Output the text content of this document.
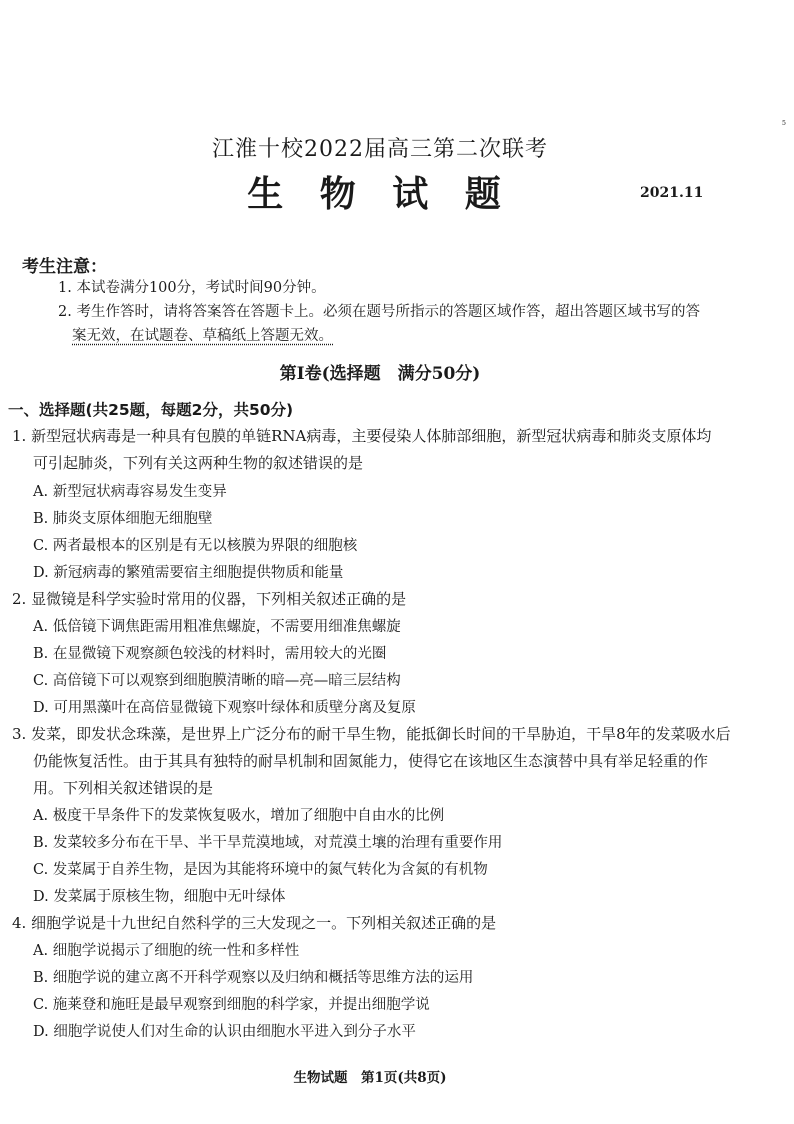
5
江淮十校2022届高三第二次联考
生 物 试 题	2021.11
考生注意：
1. 本试卷满分100分，考试时间90分钟。
2. 考生作答时，请将答案答在答题卡上。必须在题号所指示的答题区域作答，超出答题区域书写的答
案无效，在试题卷、草稿纸上答题无效。
第Ⅰ卷(选择题　满分50分)
一、选择题(共25题，每题2分，共50分)
1. 新型冠状病毒是一种具有包膜的单链RNA病毒，主要侵染人体肺部细胞，新型冠状病毒和肺炎支原体均
可引起肺炎，下列有关这两种生物的叙述错误的是
A. 新型冠状病毒容易发生变异
B. 肺炎支原体细胞无细胞壁
C. 两者最根本的区别是有无以核膜为界限的细胞核
D. 新冠病毒的繁殖需要宿主细胞提供物质和能量
2. 显微镜是科学实验时常用的仪器，下列相关叙述正确的是
A. 低倍镜下调焦距需用粗准焦螺旋，不需要用细准焦螺旋
B. 在显微镜下观察颜色较浅的材料时，需用较大的光圈
C. 高倍镜下可以观察到细胞膜清晰的暗—亮—暗三层结构
D. 可用黑藻叶在高倍显微镜下观察叶绿体和质壁分离及复原
3. 发菜，即发状念珠藻，是世界上广泛分布的耐干旱生物，能抵御长时间的干旱胁迫，干旱8年的发菜吸水后
仍能恢复活性。由于其具有独特的耐旱机制和固氮能力，使得它在该地区生态演替中具有举足轻重的作
用。下列相关叙述错误的是
A. 极度干旱条件下的发菜恢复吸水，增加了细胞中自由水的比例
B. 发菜较多分布在干旱、半干旱荒漠地域，对荒漠土壤的治理有重要作用
C. 发菜属于自养生物，是因为其能将环境中的氮气转化为含氮的有机物
D. 发菜属于原核生物，细胞中无叶绿体
4. 细胞学说是十九世纪自然科学的三大发现之一。下列相关叙述正确的是
A. 细胞学说揭示了细胞的统一性和多样性
B. 细胞学说的建立离不开科学观察以及归纳和概括等思维方法的运用
C. 施莱登和施旺是最早观察到细胞的科学家，并提出细胞学说
D. 细胞学说使人们对生命的认识由细胞水平进入到分子水平
生物试题　第1页(共8页)
